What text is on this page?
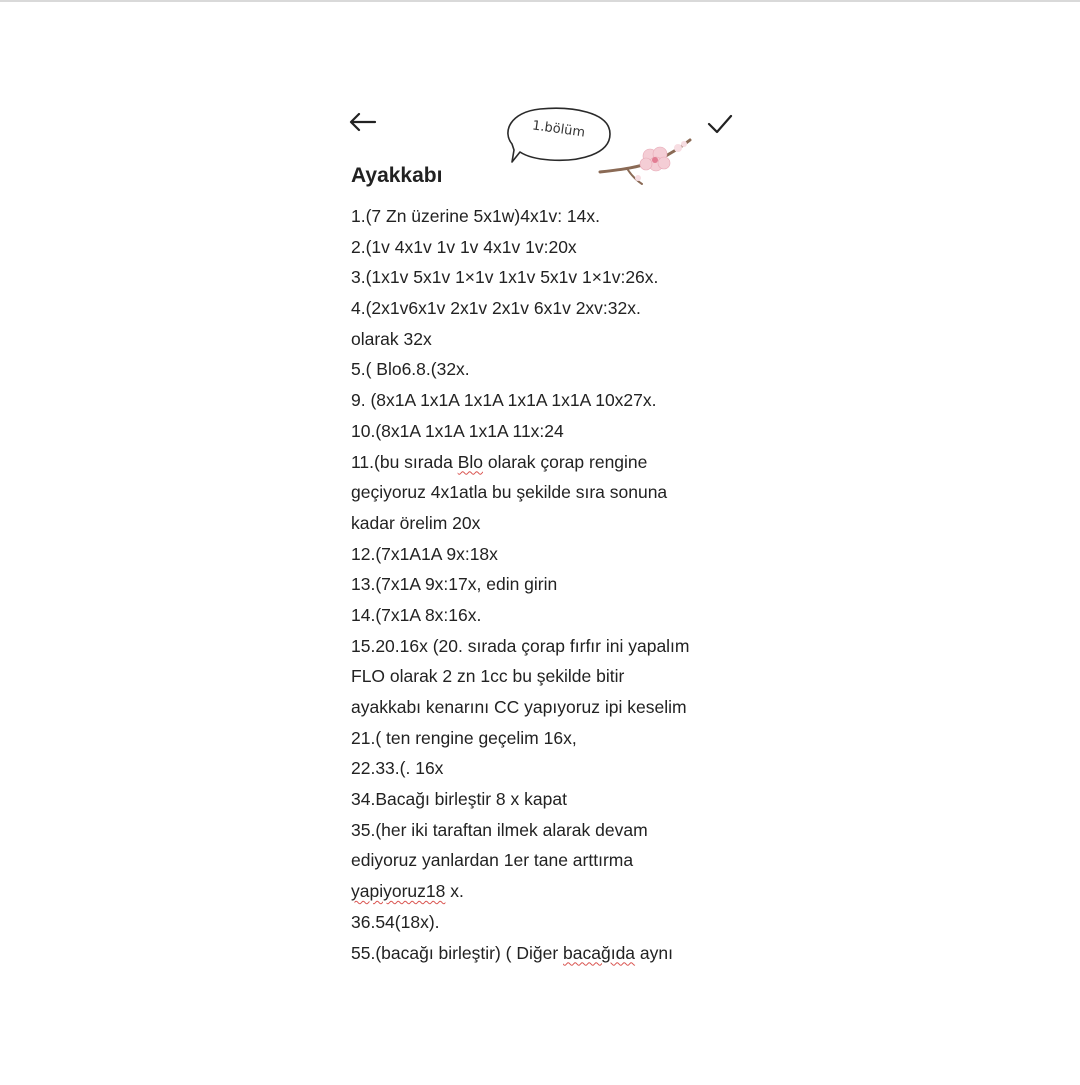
1.bölüm
Ayakkabı
1.(7 Zn üzerine 5x1w)4x1v: 14x.
2.(1v 4x1v 1v 1v 4x1v 1v:20x
3.(1x1v 5x1v 1×1v 1x1v 5x1v 1×1v:26x.
4.(2x1v6x1v 2x1v 2x1v 6x1v 2xv:32x.
olarak 32x
5.( Blo6.8.(32x.
9. (8x1A 1x1A 1x1A 1x1A 1x1A 10x27x.
10.(8x1A 1x1A 1x1A 11x:24
11.(bu sırada Blo olarak çorap rengine
geçiyoruz 4x1atla bu şekilde sıra sonuna
kadar örelim 20x
12.(7x1A1A 9x:18x
13.(7x1A 9x:17x, edin girin
14.(7x1A 8x:16x.
15.20.16x (20. sırada çorap fırfır ini yapalım
FLO olarak 2 zn 1cc bu şekilde bitir
ayakkabı kenarını CC yapıyoruz ipi keselim
21.( ten rengine geçelim 16x,
22.33.(. 16x
34.Bacağı birleştir 8 x kapat
35.(her iki taraftan ilmek alarak devam
ediyoruz yanlardan 1er tane arttırma
yapiyoruz18 x.
36.54(18x).
55.(bacağı birleştir) ( Diğer bacağıda aynı
